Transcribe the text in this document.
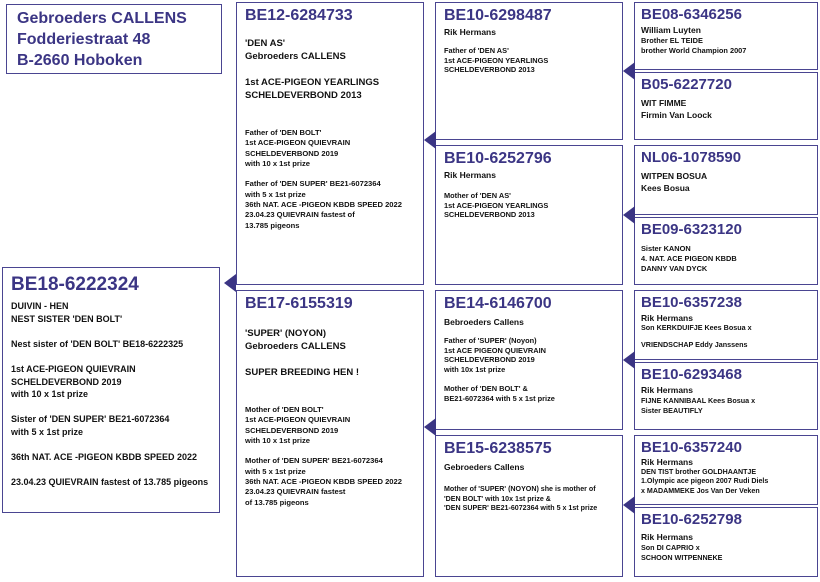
Gebroeders CALLENS
Fodderiestraat 48
B-2660 Hoboken
BE18-6222324
DUIVIN - HEN
NEST SISTER 'DEN BOLT'

Nest sister of 'DEN BOLT' BE18-6222325

1st ACE-PIGEON QUIEVRAIN
SCHELDEVERBOND 2019
with 10 x 1st prize

Sister of 'DEN SUPER' BE21-6072364
with 5 x 1st prize

36th NAT. ACE -PIGEON KBDB SPEED 2022

23.04.23 QUIEVRAIN fastest of 13.785 pigeons
BE12-6284733
'DEN AS'
Gebroeders CALLENS

1st ACE-PIGEON YEARLINGS
SCHELDEVERBOND 2013
Father of 'DEN BOLT'
1st ACE-PIGEON QUIEVRAIN
SCHELDEVERBOND 2019
with 10 x 1st prize

Father of 'DEN SUPER' BE21-6072364
with 5 x 1st prize
36th NAT. ACE -PIGEON KBDB SPEED 2022
23.04.23 QUIEVRAIN fastest of
13.785 pigeons
BE17-6155319
'SUPER' (NOYON)
Gebroeders CALLENS

SUPER BREEDING HEN !
Mother of 'DEN BOLT'
1st ACE-PIGEON QUIEVRAIN
SCHELDEVERBOND 2019
with 10 x 1st prize

Mother of 'DEN SUPER' BE21-6072364
with 5 x 1st prize
36th NAT. ACE -PIGEON KBDB SPEED 2022
23.04.23 QUIEVRAIN fastest
of 13.785 pigeons
BE10-6298487
Rik Hermans
Father of 'DEN AS'
1st ACE-PIGEON YEARLINGS
SCHELDEVERBOND 2013
BE10-6252796
Rik Hermans
Mother of 'DEN AS'
1st ACE-PIGEON YEARLINGS
SCHELDEVERBOND 2013
BE14-6146700
Bebroeders Callens
Father of 'SUPER' (Noyon)
1st ACE PIGEON QUIEVRAIN
SCHELDEVERBOND 2019
with 10x 1st prize

Mother of 'DEN BOLT' &
BE21-6072364 with 5 x 1st prize
BE15-6238575
Gebroeders Callens
Mother of 'SUPER' (NOYON) she is mother of
'DEN BOLT' with 10x 1st prize &
'DEN SUPER' BE21-6072364 with 5 x 1st prize
BE08-6346256
William Luyten
Brother EL TEIDE
brother World Champion 2007
B05-6227720
WIT FIMME
Firmin Van Loock
NL06-1078590
WITPEN BOSUA
Kees Bosua
BE09-6323120
Sister KANON
4. NAT. ACE PIGEON KBDB
DANNY VAN DYCK
BE10-6357238
Rik Hermans
Son KERKDUIFJE Kees Bosua x

VRIENDSCHAP Eddy Janssens
BE10-6293468
Rik Hermans
FIJNE KANNIBAAL Kees Bosua x
Sister BEAUTIFLY
BE10-6357240
Rik Hermans
DEN TIST brother GOLDHAANTJE
1.Olympic ace pigeon 2007 Rudi Diels
x MADAMMEKE Jos Van Der Veken
BE10-6252798
Rik Hermans
Son DI CAPRIO x
SCHOON WITPENNEKE
